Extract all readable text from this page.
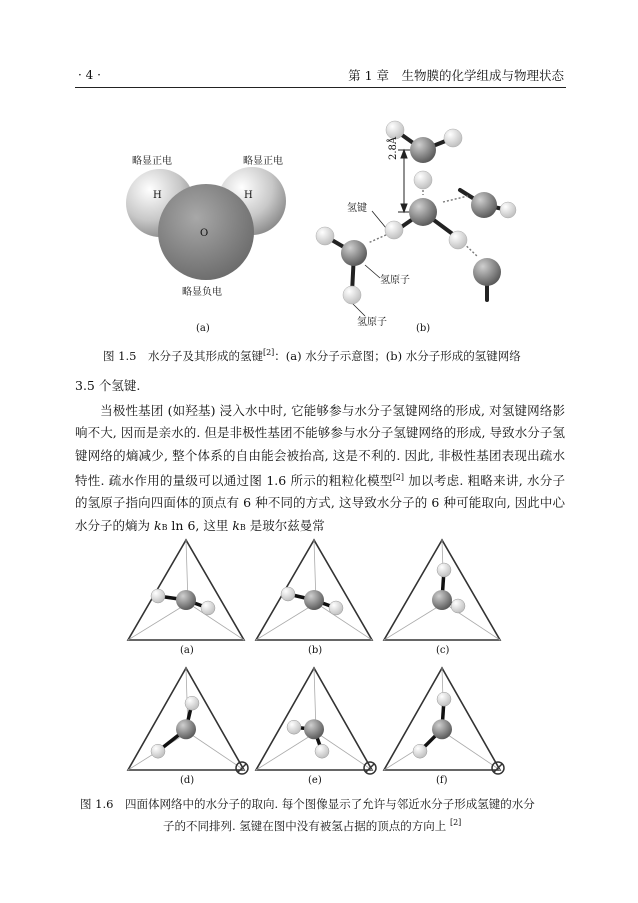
· 4 ·	第 1 章　生物膜的化学组成与物理状态
略显正电	略显正电
H	H
O
略显负电
(a)
2.8Å
氢键
氢原子
氢原子
(b)
图 1.5　水分子及其形成的氢键[2]：(a) 水分子示意图；(b) 水分子形成的氢键网络
3.5 个氢键.
当极性基团 (如羟基) 浸入水中时, 它能够参与水分子氢键网络的形成, 对氢键网络影响不大, 因而是亲水的. 但是非极性基团不能够参与水分子氢键网络的形成, 导致水分子氢键网络的熵减少, 整个体系的自由能会被抬高, 这是不利的. 因此, 非极性基团表现出疏水特性. 疏水作用的量级可以通过图 1.6 所示的粗粒化模型[2] 加以考虑. 粗略来讲, 水分子的氢原子指向四面体的顶点有 6 种不同的方式, 这导致水分子的 6 种可能取向, 因此中心水分子的熵为 kB ln 6, 这里 kB 是玻尔兹曼常
(a)	(b)	(c)
(d)	(e)	(f)
图 1.6　四面体网络中的水分子的取向. 每个图像显示了允许与邻近水分子形成氢键的水分
子的不同排列. 氢键在图中没有被氢占据的顶点的方向上 [2]
